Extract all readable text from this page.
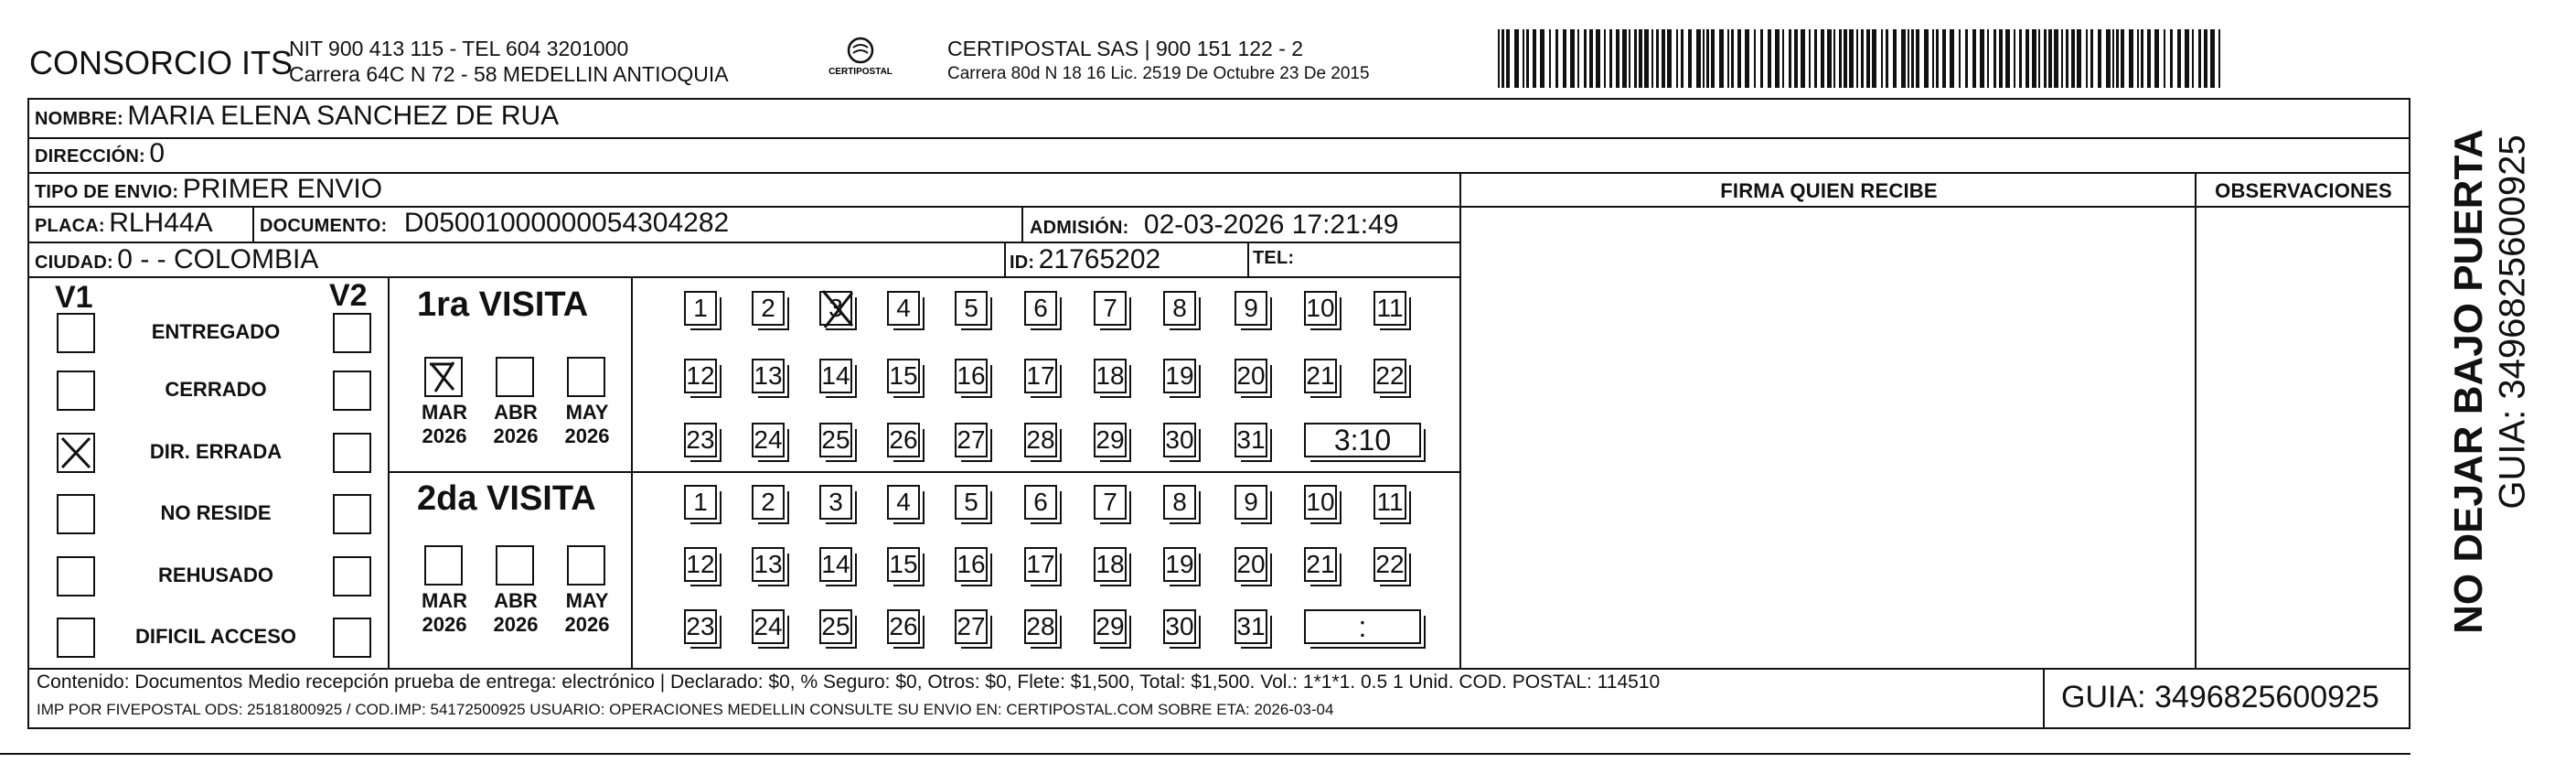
CONSORCIO ITS
NIT 900 413 115 - TEL 604 3201000
Carrera 64C N 72 - 58 MEDELLIN ANTIOQUIA	CERTIPOSTAL
CERTIPOSTAL SAS | 900 151 122 - 2
Carrera 80d N 18 16 Lic. 2519 De Octubre 23 De 2015
NOMBRE: MARIA ELENA SANCHEZ DE RUA
DIRECCIÓN: 0
TIPO DE ENVIO: PRIMER ENVIO
PLACA: RLH44A	DOCUMENTO: D05001000000054304282	ADMISIÓN: 02-03-2026 17:21:49
CIUDAD: 0 - - COLOMBIA	ID: 21765202	TEL:
FIRMA QUIEN RECIBE	OBSERVACIONES
V1	V2
ENTREGADO
CERRADO
DIR. ERRADA
NO RESIDE
REHUSADO
DIFICIL ACCESO
1ra VISITA
MAR
2026
ABR
2026
MAY
2026
1	2	3	4	5	6	7	8	9	10 11
12 13 14 15 16 17 18 19 20 21 22
23 24 25 26 27 28 29 30 31	3:10
2da VISITA
MAR
2026
ABR
2026
MAY
2026
1	2	3	4	5	6	7	8	9	10 11
12 13 14 15 16 17 18 19 20 21 22
23 24 25 26 27 28 29 30 31	:
Contenido: Documentos Medio recepción prueba de entrega: electrónico | Declarado: $0, % Seguro: $0, Otros: $0, Flete: $1,500, Total: $1,500. Vol.: 1*1*1. 0.5 1 Unid. COD. POSTAL: 114510
IMP POR FIVEPOSTAL ODS: 25181800925 / COD.IMP: 54172500925 USUARIO: OPERACIONES MEDELLIN CONSULTE SU ENVIO EN: CERTIPOSTAL.COM SOBRE ETA: 2026-03-04	GUIA: 3496825600925
NO DEJAR BAJO PUERTA GUIA: 3496825600925
